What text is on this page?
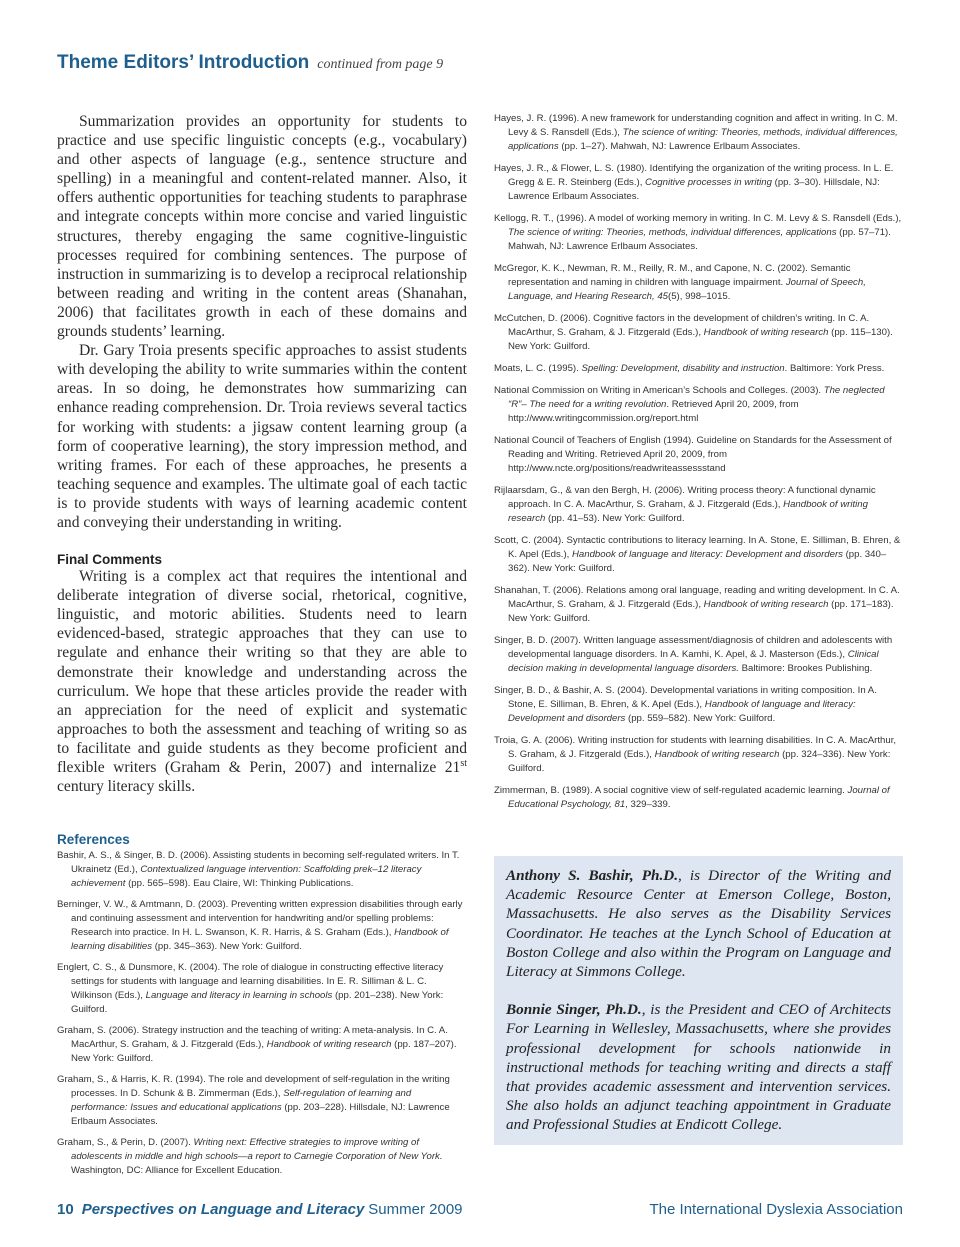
Theme Editors’ Introduction continued from page 9

Summarization provides an opportunity for students to practice and use specific linguistic concepts (e.g., vocabulary) and other aspects of language (e.g., sentence structure and spelling) in a meaningful and content-related manner. Also, it offers authentic opportunities for teaching students to paraphrase and integrate concepts within more concise and varied linguistic structures, thereby engaging the same cognitive-linguistic processes required for combining sentences. The purpose of instruction in summarizing is to develop a reciprocal relationship between reading and writing in the content areas (Shanahan, 2006) that facilitates growth in each of these domains and grounds students’ learning.

Dr. Gary Troia presents specific approaches to assist students with developing the ability to write summaries within the content areas. In so doing, he demonstrates how summarizing can enhance reading comprehension. Dr. Troia reviews several tactics for working with students: a jigsaw content learning group (a form of cooperative learning), the story impression method, and writing frames. For each of these approaches, he presents a teaching sequence and examples. The ultimate goal of each tactic is to provide students with ways of learning academic content and conveying their understanding in writing.

Final Comments

Writing is a complex act that requires the intentional and deliberate integration of diverse social, rhetorical, cognitive, linguistic, and motoric abilities. Students need to learn evidenced-based, strategic approaches that they can use to regulate and enhance their writing so that they are able to demonstrate their knowledge and understanding across the curriculum. We hope that these articles provide the reader with an appreciation for the need of explicit and systematic approaches to both the assessment and teaching of writing so as to facilitate and guide students as they become proficient and flexible writers (Graham & Perin, 2007) and internalize 21st century literacy skills.

References

Bashir, A. S., & Singer, B. D. (2006). Assisting students in becoming self-regulated writers. In T. Ukrainetz (Ed.), Contextualized language intervention: Scaffolding prek–12 literacy achievement (pp. 565–598). Eau Claire, WI: Thinking Publications.

Berninger, V. W., & Amtmann, D. (2003). Preventing written expression disabilities through early and continuing assessment and intervention for handwriting and/or spelling problems: Research into practice. In H. L. Swanson, K. R. Harris, & S. Graham (Eds.), Handbook of learning disabilities (pp. 345–363). New York: Guilford.

Englert, C. S., & Dunsmore, K. (2004). The role of dialogue in constructing effective literacy settings for students with language and learning disabilities. In E. R. Silliman & L. C. Wilkinson (Eds.), Language and literacy in learning in schools (pp. 201–238). New York: Guilford.

Graham, S. (2006). Strategy instruction and the teaching of writing: A meta-analysis. In C. A. MacArthur, S. Graham, & J. Fitzgerald (Eds.), Handbook of writing research (pp. 187–207). New York: Guilford.

Graham, S., & Harris, K. R. (1994). The role and development of self-regulation in the writing processes. In D. Schunk & B. Zimmerman (Eds.), Self-regulation of learning and performance: Issues and educational applications (pp. 203–228). Hillsdale, NJ: Lawrence Erlbaum Associates.

Graham, S., & Perin, D. (2007). Writing next: Effective strategies to improve writing of adolescents in middle and high schools—a report to Carnegie Corporation of New York. Washington, DC: Alliance for Excellent Education.

Hayes, J. R. (1996). A new framework for understanding cognition and affect in writing. In C. M. Levy & S. Ransdell (Eds.), The science of writing: Theories, methods, individual differences, applications (pp. 1–27). Mahwah, NJ: Lawrence Erlbaum Associates.

Hayes, J. R., & Flower, L. S. (1980). Identifying the organization of the writing process. In L. E. Gregg & E. R. Steinberg (Eds.), Cognitive processes in writing (pp. 3–30). Hillsdale, NJ: Lawrence Erlbaum Associates.

Kellogg, R. T., (1996). A model of working memory in writing. In C. M. Levy & S. Ransdell (Eds.), The science of writing: Theories, methods, individual differences, applications (pp. 57–71). Mahwah, NJ: Lawrence Erlbaum Associates.

McGregor, K. K., Newman, R. M., Reilly, R. M., and Capone, N. C. (2002). Semantic representation and naming in children with language impairment. Journal of Speech, Language, and Hearing Research, 45(5), 998–1015.

McCutchen, D. (2006). Cognitive factors in the development of children’s writing. In C. A. MacArthur, S. Graham, & J. Fitzgerald (Eds.), Handbook of writing research (pp. 115–130). New York: Guilford.

Moats, L. C. (1995). Spelling: Development, disability and instruction. Baltimore: York Press.

National Commission on Writing in American’s Schools and Colleges. (2003). The neglected “R”– The need for a writing revolution. Retrieved April 20, 2009, from http://www.writingcommission.org/report.html

National Council of Teachers of English (1994). Guideline on Standards for the Assessment of Reading and Writing. Retrieved April 20, 2009, from http://www.ncte.org/positions/readwriteassessstand

Rijlaarsdam, G., & van den Bergh, H. (2006). Writing process theory: A functional dynamic approach. In C. A. MacArthur, S. Graham, & J. Fitzgerald (Eds.), Handbook of writing research (pp. 41–53). New York: Guilford.

Scott, C. (2004). Syntactic contributions to literacy learning. In A. Stone, E. Silliman, B. Ehren, & K. Apel (Eds.), Handbook of language and literacy: Development and disorders (pp. 340–362). New York: Guilford.

Shanahan, T. (2006). Relations among oral language, reading and writing development. In C. A. MacArthur, S. Graham, & J. Fitzgerald (Eds.), Handbook of writing research (pp. 171–183). New York: Guilford.

Singer, B. D. (2007). Written language assessment/diagnosis of children and adolescents with developmental language disorders. In A. Kamhi, K. Apel, & J. Masterson (Eds.), Clinical decision making in developmental language disorders. Baltimore: Brookes Publishing.

Singer, B. D., & Bashir, A. S. (2004). Developmental variations in writing composition. In A. Stone, E. Silliman, B. Ehren, & K. Apel (Eds.), Handbook of language and literacy: Development and disorders (pp. 559–582). New York: Guilford.

Troia, G. A. (2006). Writing instruction for students with learning disabilities. In C. A. MacArthur, S. Graham, & J. Fitzgerald (Eds.), Handbook of writing research (pp. 324–336). New York: Guilford.

Zimmerman, B. (1989). A social cognitive view of self-regulated academic learning. Journal of Educational Psychology, 81, 329–339.

Anthony S. Bashir, Ph.D., is Director of the Writing and Academic Resource Center at Emerson College, Boston, Massachusetts. He also serves as the Disability Services Coordinator. He teaches at the Lynch School of Education at Boston College and also within the Program on Language and Literacy at Simmons College.

Bonnie Singer, Ph.D., is the President and CEO of Architects For Learning in Wellesley, Massachusetts, where she provides professional development for schools nationwide in instructional methods for teaching writing and directs a staff that provides academic assessment and intervention services. She also holds an adjunct teaching appointment in Graduate and Professional Studies at Endicott College.

10 Perspectives on Language and Literacy Summer 2009	The International Dyslexia Association
